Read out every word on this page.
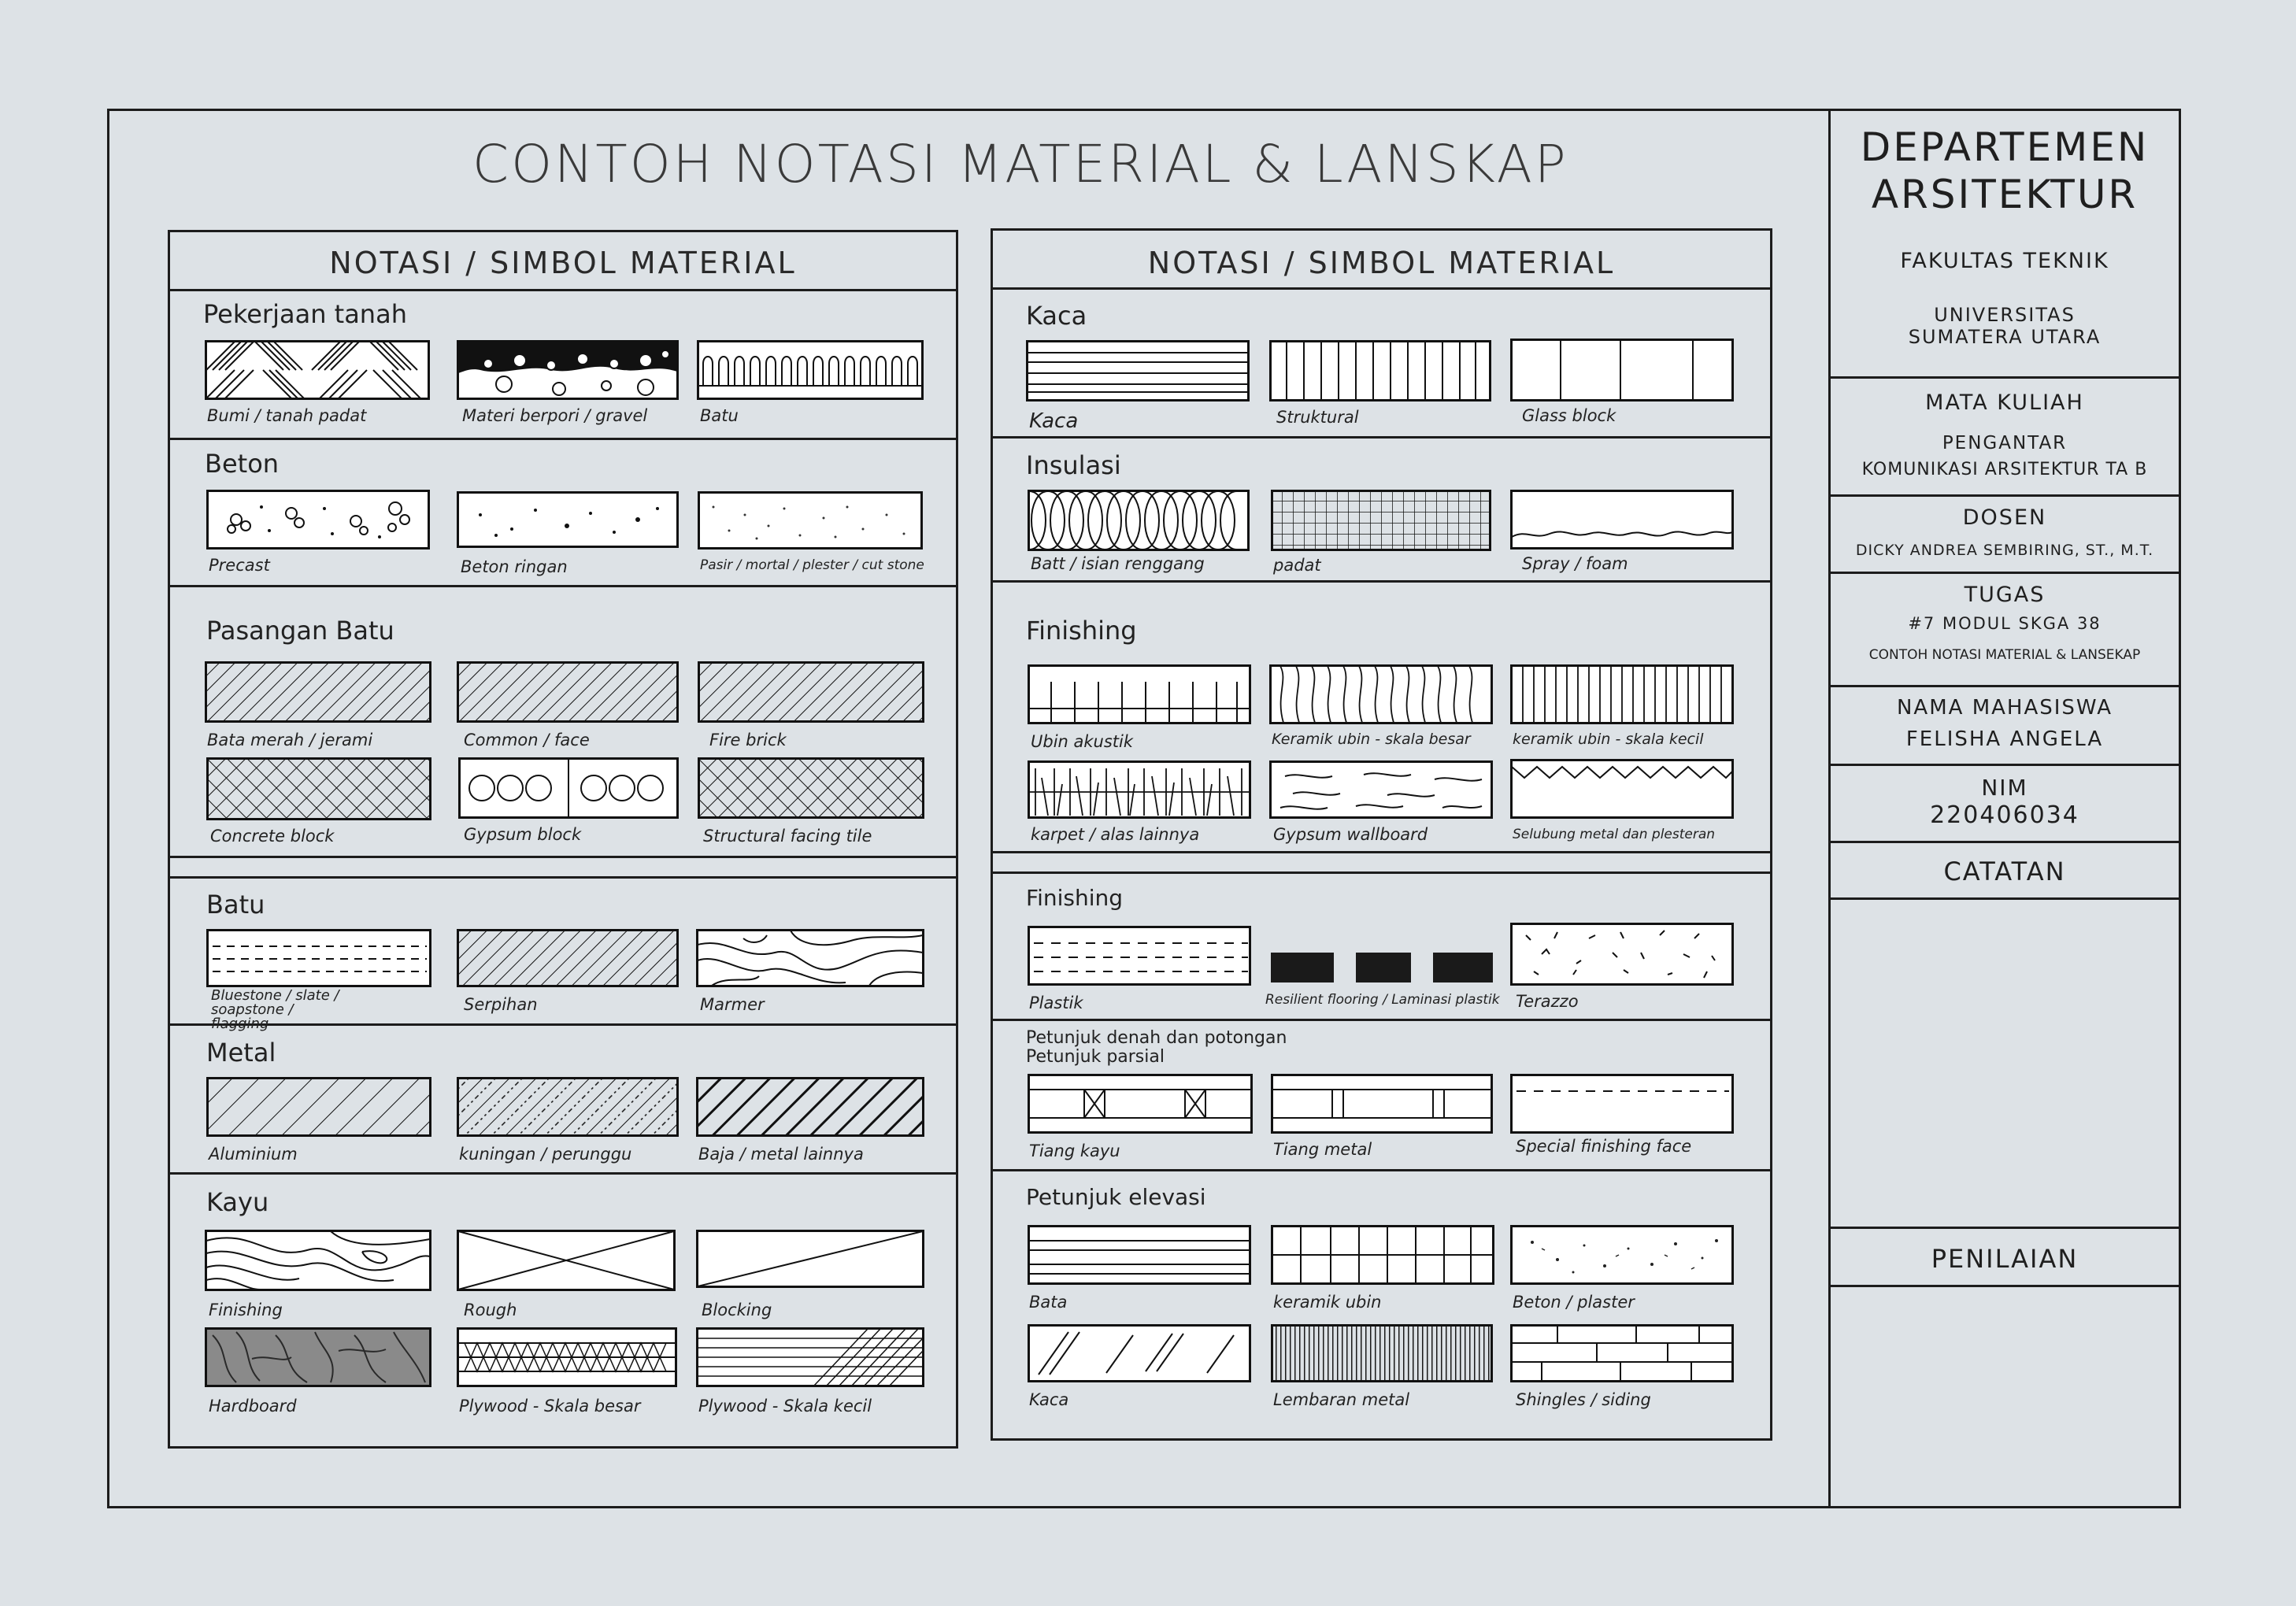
CONTOH NOTASI MATERIAL & LANSKAP
NOTASI / SIMBOL MATERIAL	NOTASI / SIMBOL MATERIAL
Pekerjaan tanah
Beton
Pasangan Batu
Batu
Metal
Kayu
Kaca
Insulasi
Finishing
Finishing
Petunjuk denah dan potongan
Petunjuk parsial
Petunjuk elevasi
Bumi / tanah padat	Materi berpori / gravel	Batu
Precast	Beton ringan	Pasir / mortal / plester / cut stone
Bata merah / jerami	Common / face	Fire brick
Concrete block	Gypsum block	Structural facing tile
Bluestone / slate / soapstone / flagging
Serpihan	Marmer
Aluminium	kuningan / perunggu	Baja / metal lainnya
Finishing	Rough	Blocking
Hardboard	Plywood - Skala besar	Plywood - Skala kecil
Kaca	Struktural	Glass block
Batt / isian renggang	padat	Spray / foam
Ubin akustik	Keramik ubin - skala besar	keramik ubin - skala kecil
karpet / alas lainnya	Gypsum wallboard	Selubung metal dan plesteran
Plastik	Resilient flooring / Laminasi plastik Terazzo
Tiang kayu	Tiang metal	Special finishing face
Bata	keramik ubin	Beton / plaster
Kaca	Lembaran metal	Shingles / siding
DEPARTEMEN
ARSITEKTUR
FAKULTAS TEKNIK
UNIVERSITAS
SUMATERA UTARA
MATA KULIAH
PENGANTAR
KOMUNIKASI ARSITEKTUR TA B
DOSEN
DICKY ANDREA SEMBIRING, ST., M.T.
TUGAS
#7 MODUL SKGA 38
CONTOH NOTASI MATERIAL & LANSEKAP
NAMA MAHASISWA
FELISHA ANGELA
NIM
220406034
CATATAN
PENILAIAN
